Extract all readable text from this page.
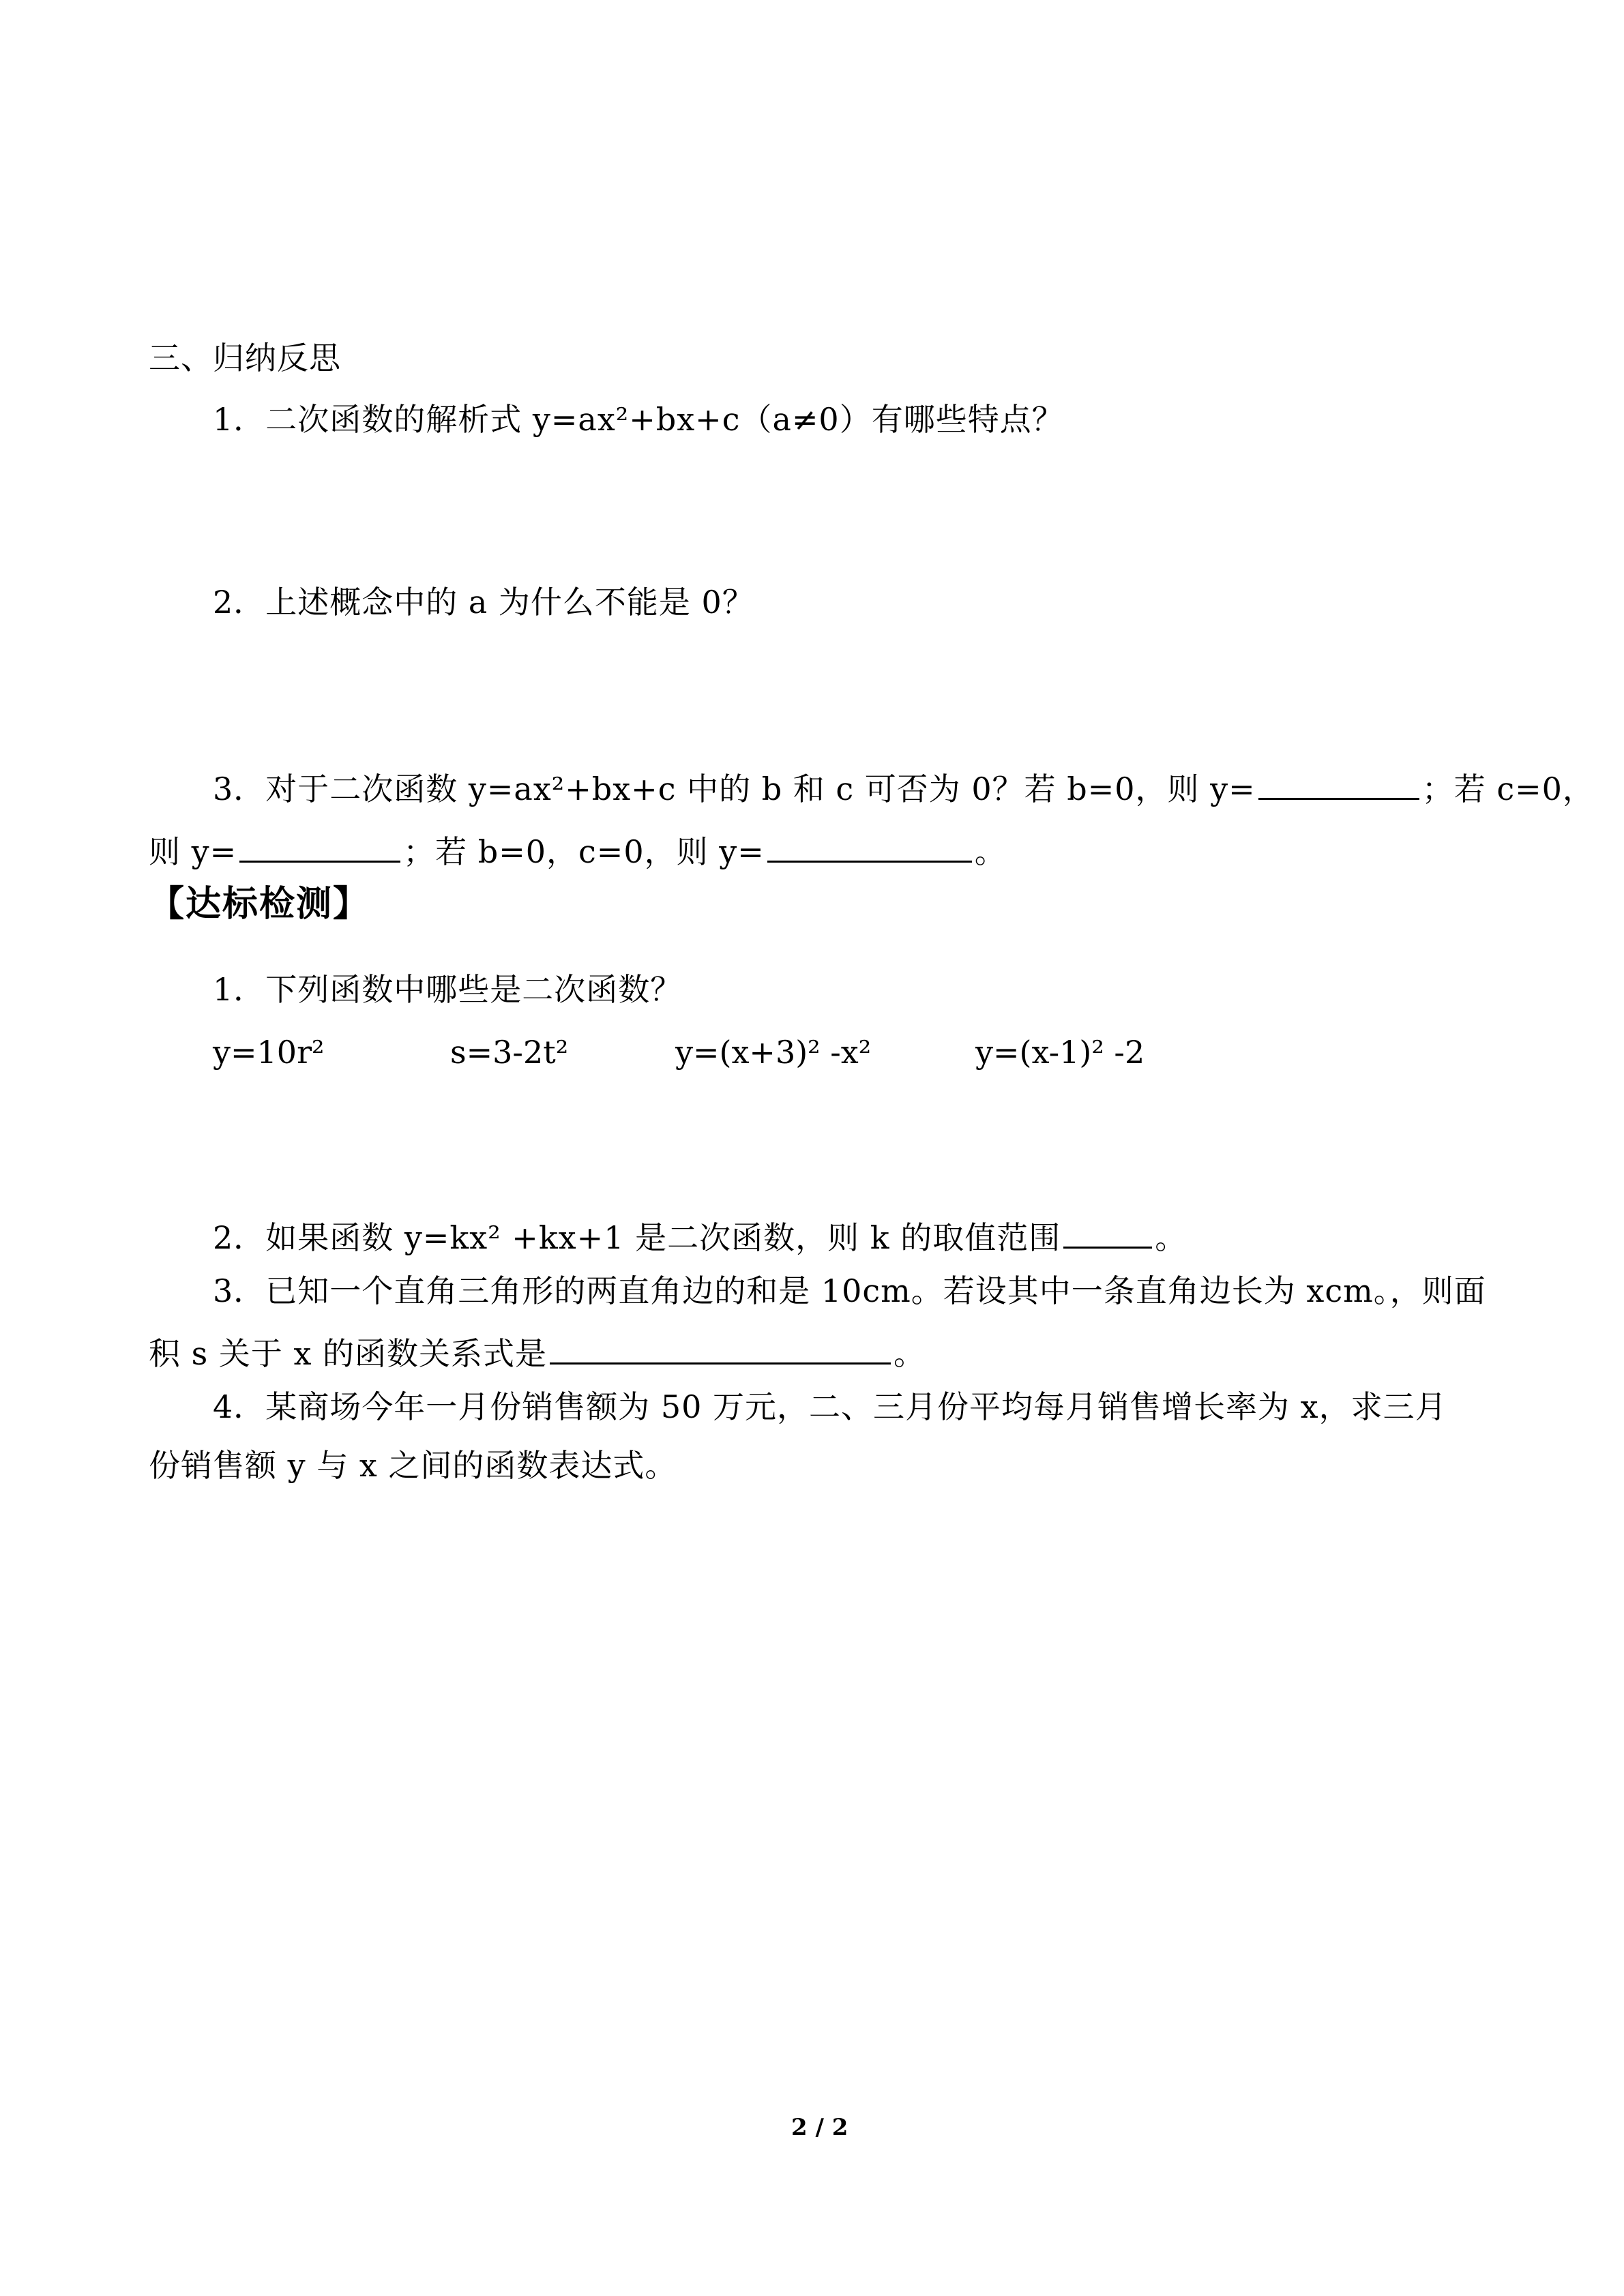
三、归纳反思
1．二次函数的解析式 y=ax²+bx+c（a≠0）有哪些特点？
2．上述概念中的 a 为什么不能是 0？
3．对于二次函数 y=ax²+bx+c 中的 b 和 c 可否为 0？若 b=0，则 y=	；若 c=0，
则 y=	；若 b=0，c=0，则 y=	。
【达标检测】
1．下列函数中哪些是二次函数？
y=10r²	s=3-2t²	y=(x+3)² -x²	y=(x-1)² -2
2．如果函数 y=kx² +kx+1 是二次函数，则 k 的取值范围	。
3．已知一个直角三角形的两直角边的和是 10cm。若设其中一条直角边长为 xcm。，则面
积 s 关于 x 的函数关系式是	。
4．某商场今年一月份销售额为 50 万元，二、三月份平均每月销售增长率为 x，求三月
份销售额 y 与 x 之间的函数表达式。
2 / 2
